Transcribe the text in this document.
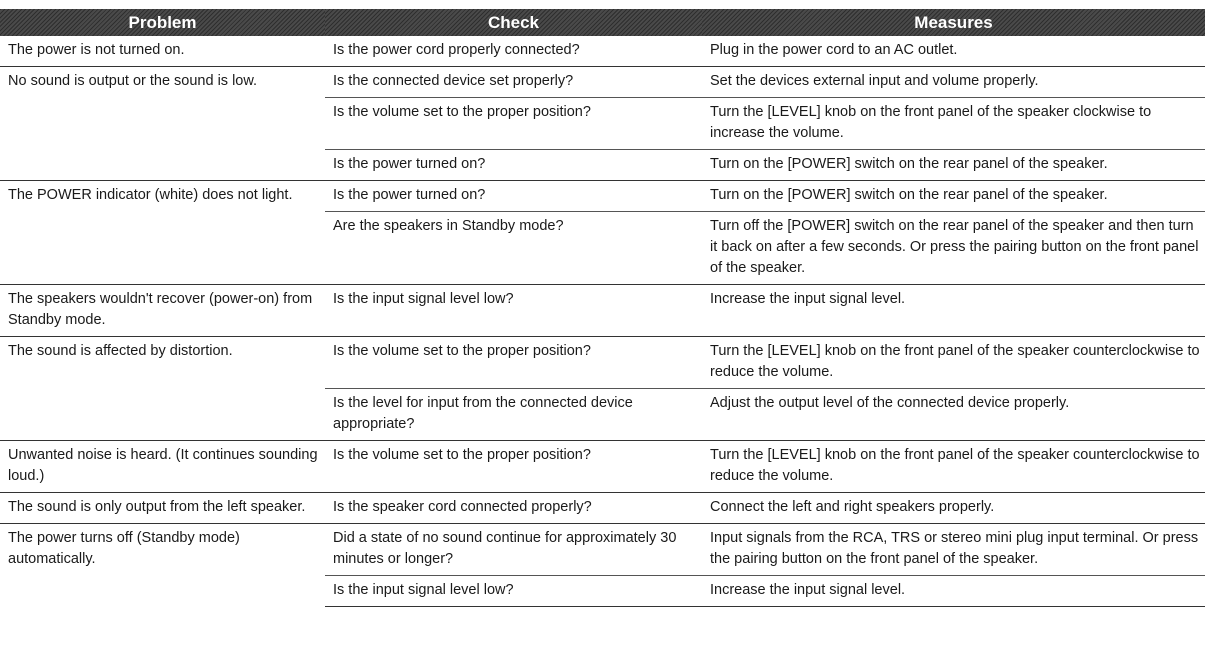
Problem	Check	Measures
The power is not turned on.	Is the power cord properly connected?	Plug in the power cord to an AC outlet.
No sound is output or the sound is low.	Is the connected device set properly?	Set the devices external input and volume properly.
	Is the volume set to the proper position?	Turn the [LEVEL] knob on the front panel of the speaker clockwise to increase the volume.
	Is the power turned on?	Turn on the [POWER] switch on the rear panel of the speaker.
The POWER indicator (white) does not light.	Is the power turned on?	Turn on the [POWER] switch on the rear panel of the speaker.
	Are the speakers in Standby mode?	Turn off the [POWER] switch on the rear panel of the speaker and then turn it back on after a few seconds. Or press the pairing button on the front panel of the speaker.
The speakers wouldn't recover (power-on) from Standby mode.	Is the input signal level low?	Increase the input signal level.
The sound is affected by distortion.	Is the volume set to the proper position?	Turn the [LEVEL] knob on the front panel of the speaker counterclockwise to reduce the volume.
	Is the level for input from the connected device appropriate?	Adjust the output level of the connected device properly.
Unwanted noise is heard. (It continues sounding loud.)	Is the volume set to the proper position?	Turn the [LEVEL] knob on the front panel of the speaker counterclockwise to reduce the volume.
The sound is only output from the left speaker.	Is the speaker cord connected properly?	Connect the left and right speakers properly.
The power turns off (Standby mode) automatically.	Did a state of no sound continue for approximately 30 minutes or longer?	Input signals from the RCA, TRS or stereo mini plug input terminal. Or press the pairing button on the front panel of the speaker.
	Is the input signal level low?	Increase the input signal level.
